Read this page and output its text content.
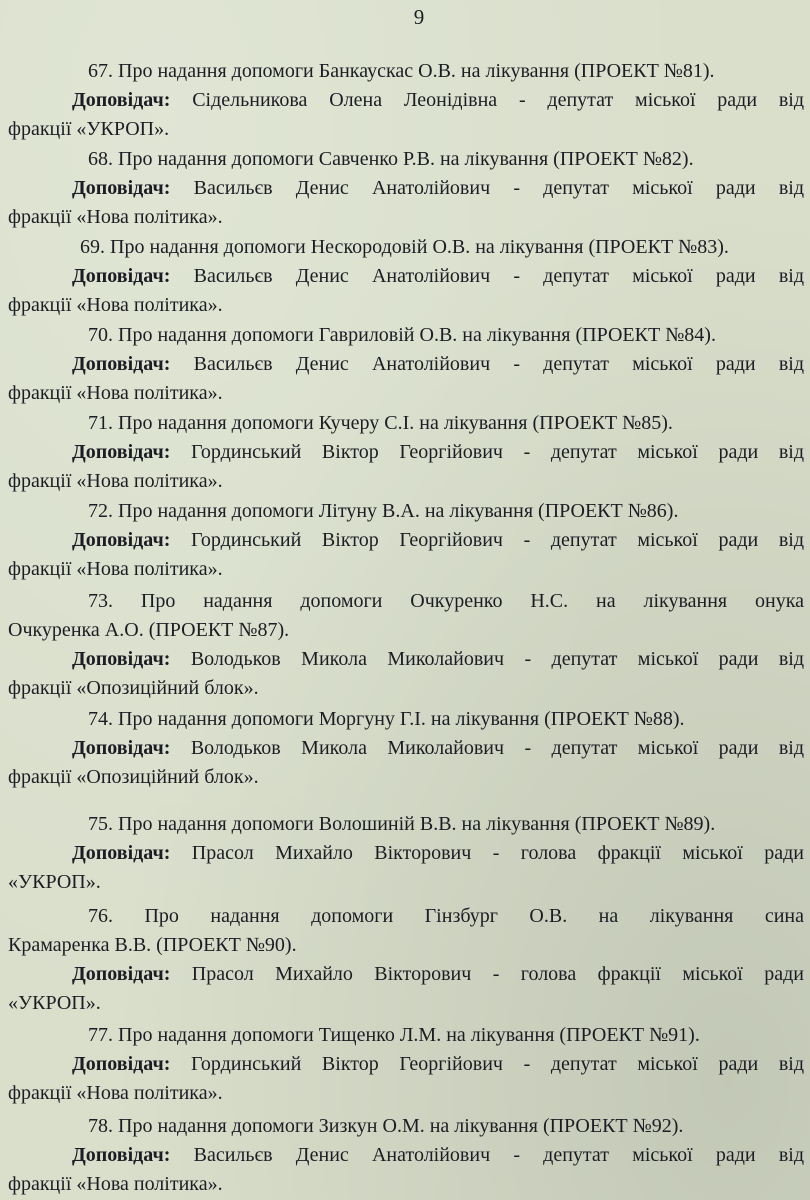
9
67. Про надання допомоги Банкаускас О.В. на лікування (ПРОЕКТ №81).
Доповідач: Сідельникова Олена Леонідівна - депутат міської ради від
фракції «УКРОП».
68. Про надання допомоги Савченко Р.В. на лікування (ПРОЕКТ №82).
Доповідач: Васильєв Денис Анатолійович - депутат міської ради від
фракції «Нова політика».
69. Про надання допомоги Нескородовій О.В. на лікування (ПРОЕКТ №83).
Доповідач: Васильєв Денис Анатолійович - депутат міської ради від
фракції «Нова політика».
70. Про надання допомоги Гавриловій О.В. на лікування (ПРОЕКТ №84).
Доповідач: Васильєв Денис Анатолійович - депутат міської ради від
фракції «Нова політика».
71. Про надання допомоги Кучеру С.І. на лікування (ПРОЕКТ №85).
Доповідач: Гординський Віктор Георгійович - депутат міської ради від
фракції «Нова політика».
72. Про надання допомоги Літуну В.А. на лікування (ПРОЕКТ №86).
Доповідач: Гординський Віктор Георгійович - депутат міської ради від
фракції «Нова політика».
73. Про надання допомоги Очкуренко Н.С. на лікування онука
Очкуренка А.О. (ПРОЕКТ №87).
Доповідач: Володьков Микола Миколайович - депутат міської ради від
фракції «Опозиційний блок».
74. Про надання допомоги Моргуну Г.І. на лікування (ПРОЕКТ №88).
Доповідач: Володьков Микола Миколайович - депутат міської ради від
фракції «Опозиційний блок».
75. Про надання допомоги Волошиній В.В. на лікування (ПРОЕКТ №89).
Доповідач: Прасол Михайло Вікторович - голова фракції міської ради
«УКРОП».
76. Про надання допомоги Гінзбург О.В. на лікування сина
Крамаренка В.В. (ПРОЕКТ №90).
Доповідач: Прасол Михайло Вікторович - голова фракції міської ради
«УКРОП».
77. Про надання допомоги Тищенко Л.М. на лікування (ПРОЕКТ №91).
Доповідач: Гординський Віктор Георгійович - депутат міської ради від
фракції «Нова політика».
78. Про надання допомоги Зизкун О.М. на лікування (ПРОЕКТ №92).
Доповідач: Васильєв Денис Анатолійович - депутат міської ради від
фракції «Нова політика».
